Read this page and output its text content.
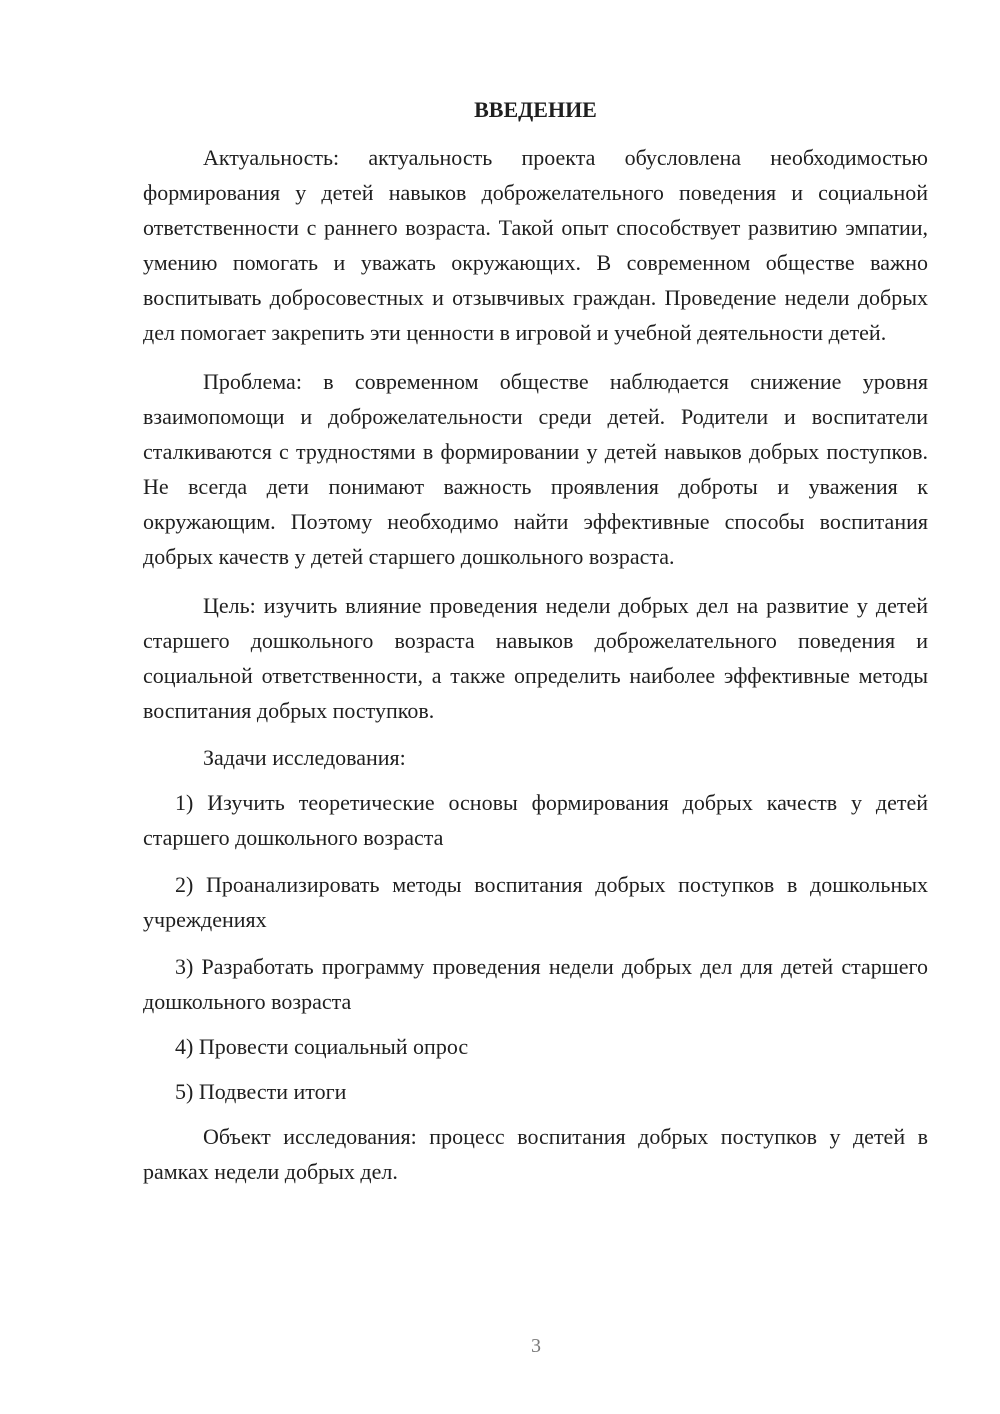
ВВЕДЕНИЕ

Актуальность: актуальность проекта обусловлена необходимостью формирования у детей навыков доброжелательного поведения и социальной ответственности с раннего возраста. Такой опыт способствует развитию эмпатии, умению помогать и уважать окружающих. В современном обществе важно воспитывать добросовестных и отзывчивых граждан. Проведение недели добрых дел помогает закрепить эти ценности в игровой и учебной деятельности детей.

Проблема: в современном обществе наблюдается снижение уровня взаимопомощи и доброжелательности среди детей. Родители и воспитатели сталкиваются с трудностями в формировании у детей навыков добрых поступков. Не всегда дети понимают важность проявления доброты и уважения к окружающим. Поэтому необходимо найти эффективные способы воспитания добрых качеств у детей старшего дошкольного возраста.

Цель: изучить влияние проведения недели добрых дел на развитие у детей старшего дошкольного возраста навыков доброжелательного поведения и социальной ответственности, а также определить наиболее эффективные методы воспитания добрых поступков.

Задачи исследования:

1) Изучить теоретические основы формирования добрых качеств у детей старшего дошкольного возраста

2) Проанализировать методы воспитания добрых поступков в дошкольных учреждениях

3) Разработать программу проведения недели добрых дел для детей старшего дошкольного возраста

4) Провести социальный опрос

5) Подвести итоги

Объект исследования: процесс воспитания добрых поступков у детей в рамках недели добрых дел.

3
